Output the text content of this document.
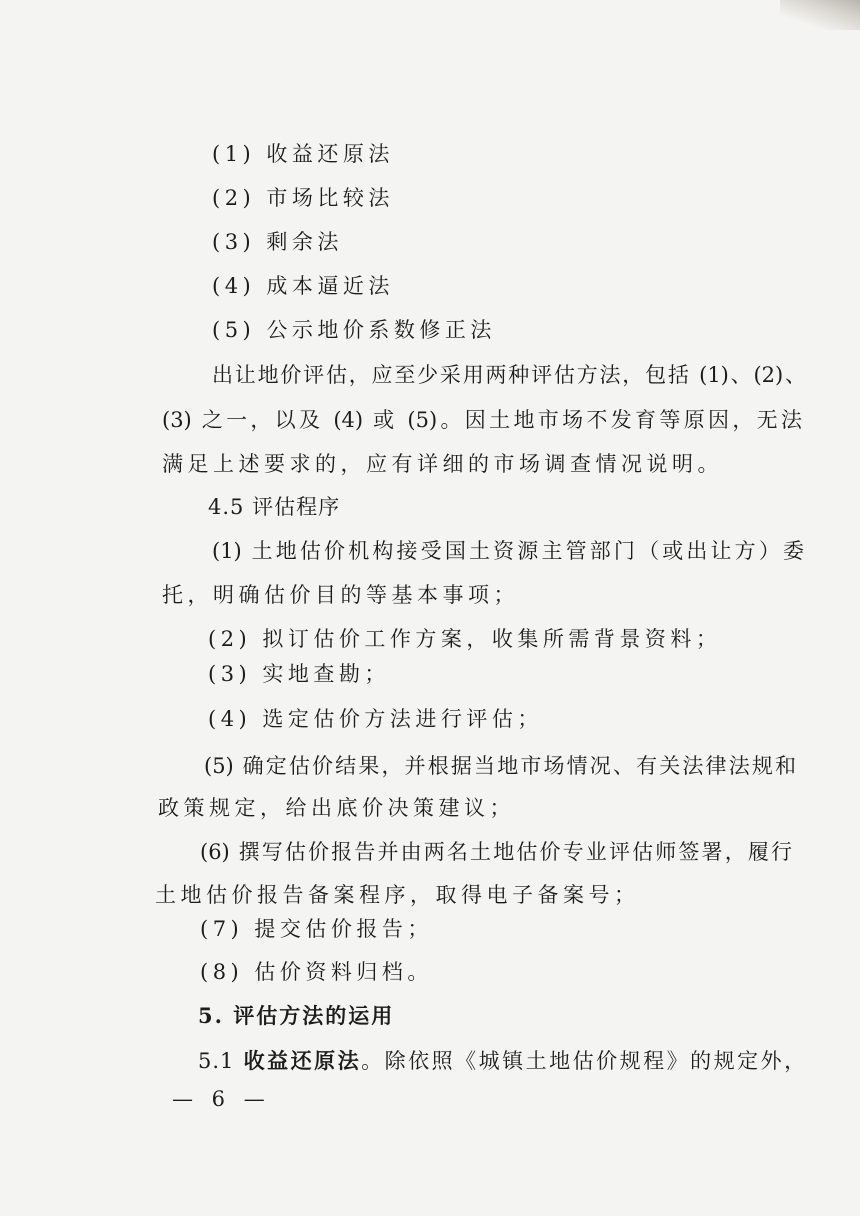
(1) 收益还原法
(2) 市场比较法
(3) 剩余法
(4) 成本逼近法
(5) 公示地价系数修正法
出让地价评估，应至少采用两种评估方法，包括 (1)、(2)、
(3) 之一，以及 (4) 或 (5)。因土地市场不发育等原因，无法
满足上述要求的，应有详细的市场调查情况说明。
4.5 评估程序
(1) 土地估价机构接受国土资源主管部门（或出让方）委
托，明确估价目的等基本事项；
(2) 拟订估价工作方案，收集所需背景资料；
(3) 实地查勘；
(4) 选定估价方法进行评估；
(5) 确定估价结果，并根据当地市场情况、有关法律法规和
政策规定，给出底价决策建议；
(6) 撰写估价报告并由两名土地估价专业评估师签署，履行
土地估价报告备案程序，取得电子备案号；
(7) 提交估价报告；
(8) 估价资料归档。
5. 评估方法的运用
5.1 收益还原法。除依照《城镇土地估价规程》的规定外，
— 6 —
